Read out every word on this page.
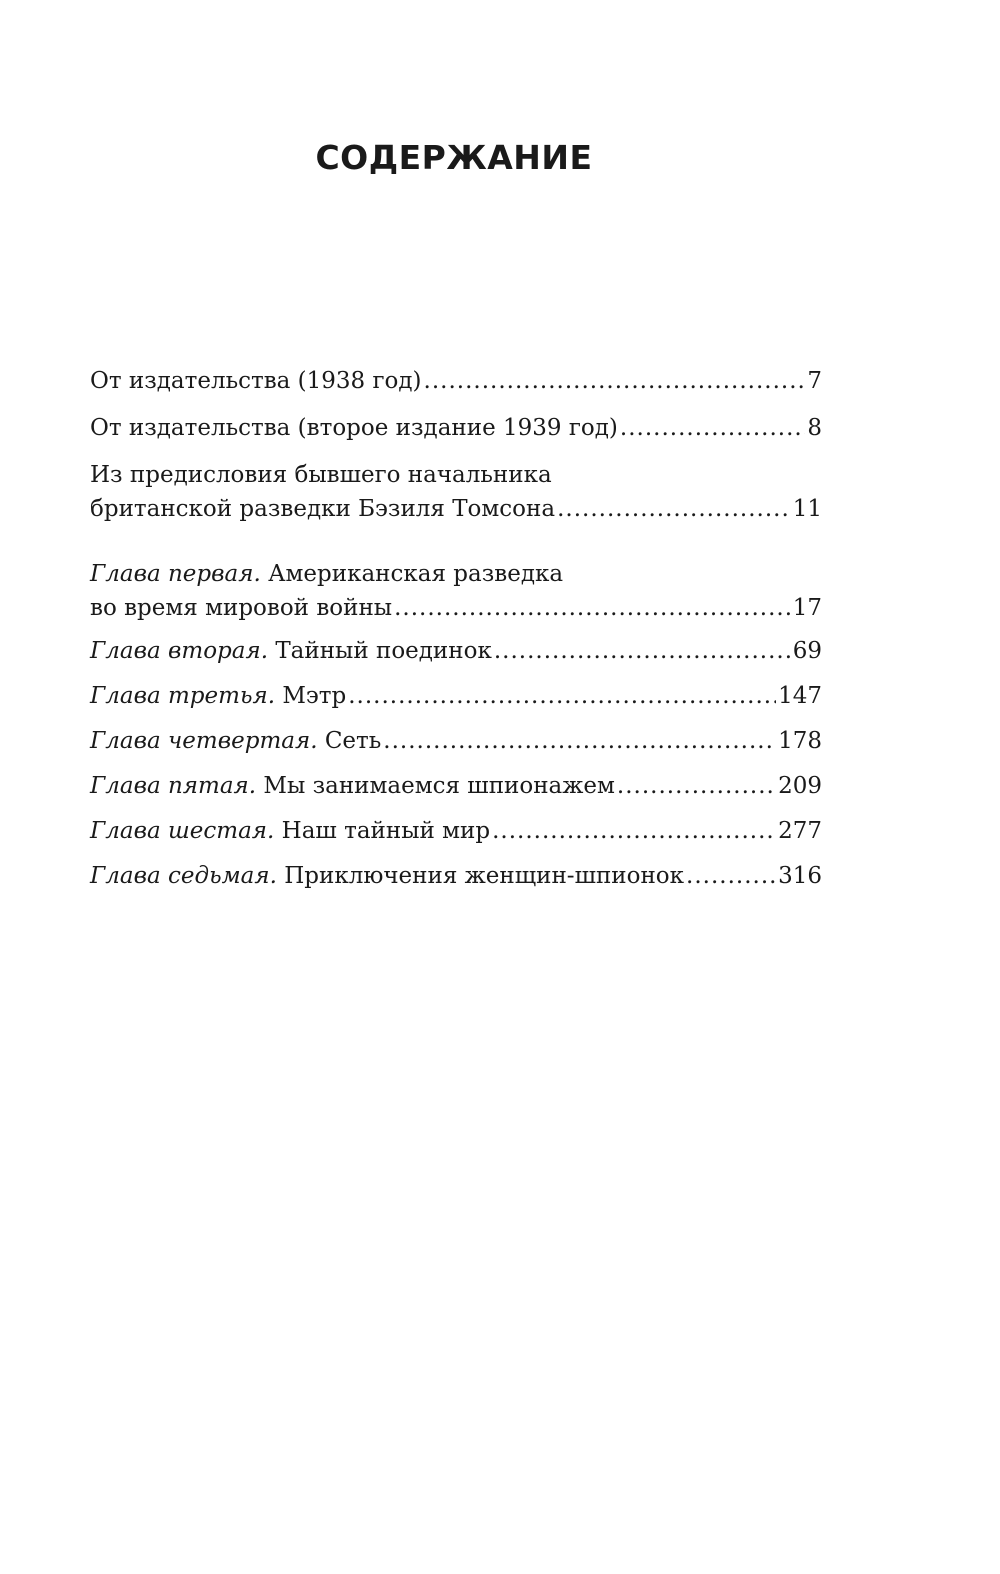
СОДЕРЖАНИЕ
От издательства (1938 год) .....	7
От издательства (второе издание 1939 год) .....	8
Из предисловия бывшего начальника
британской разведки Бэзиля Томсона .....	11
Глава первая. Американская разведка
во время мировой войны .....	17
Глава вторая. Тайный поединок .....	69
Глава третья. Мэтр .....	147
Глава четвертая. Сеть .....	178
Глава пятая. Мы занимаемся шпионажем .....	209
Глава шестая. Наш тайный мир .....	277
Глава седьмая. Приключения женщин-шпионок .....	316
